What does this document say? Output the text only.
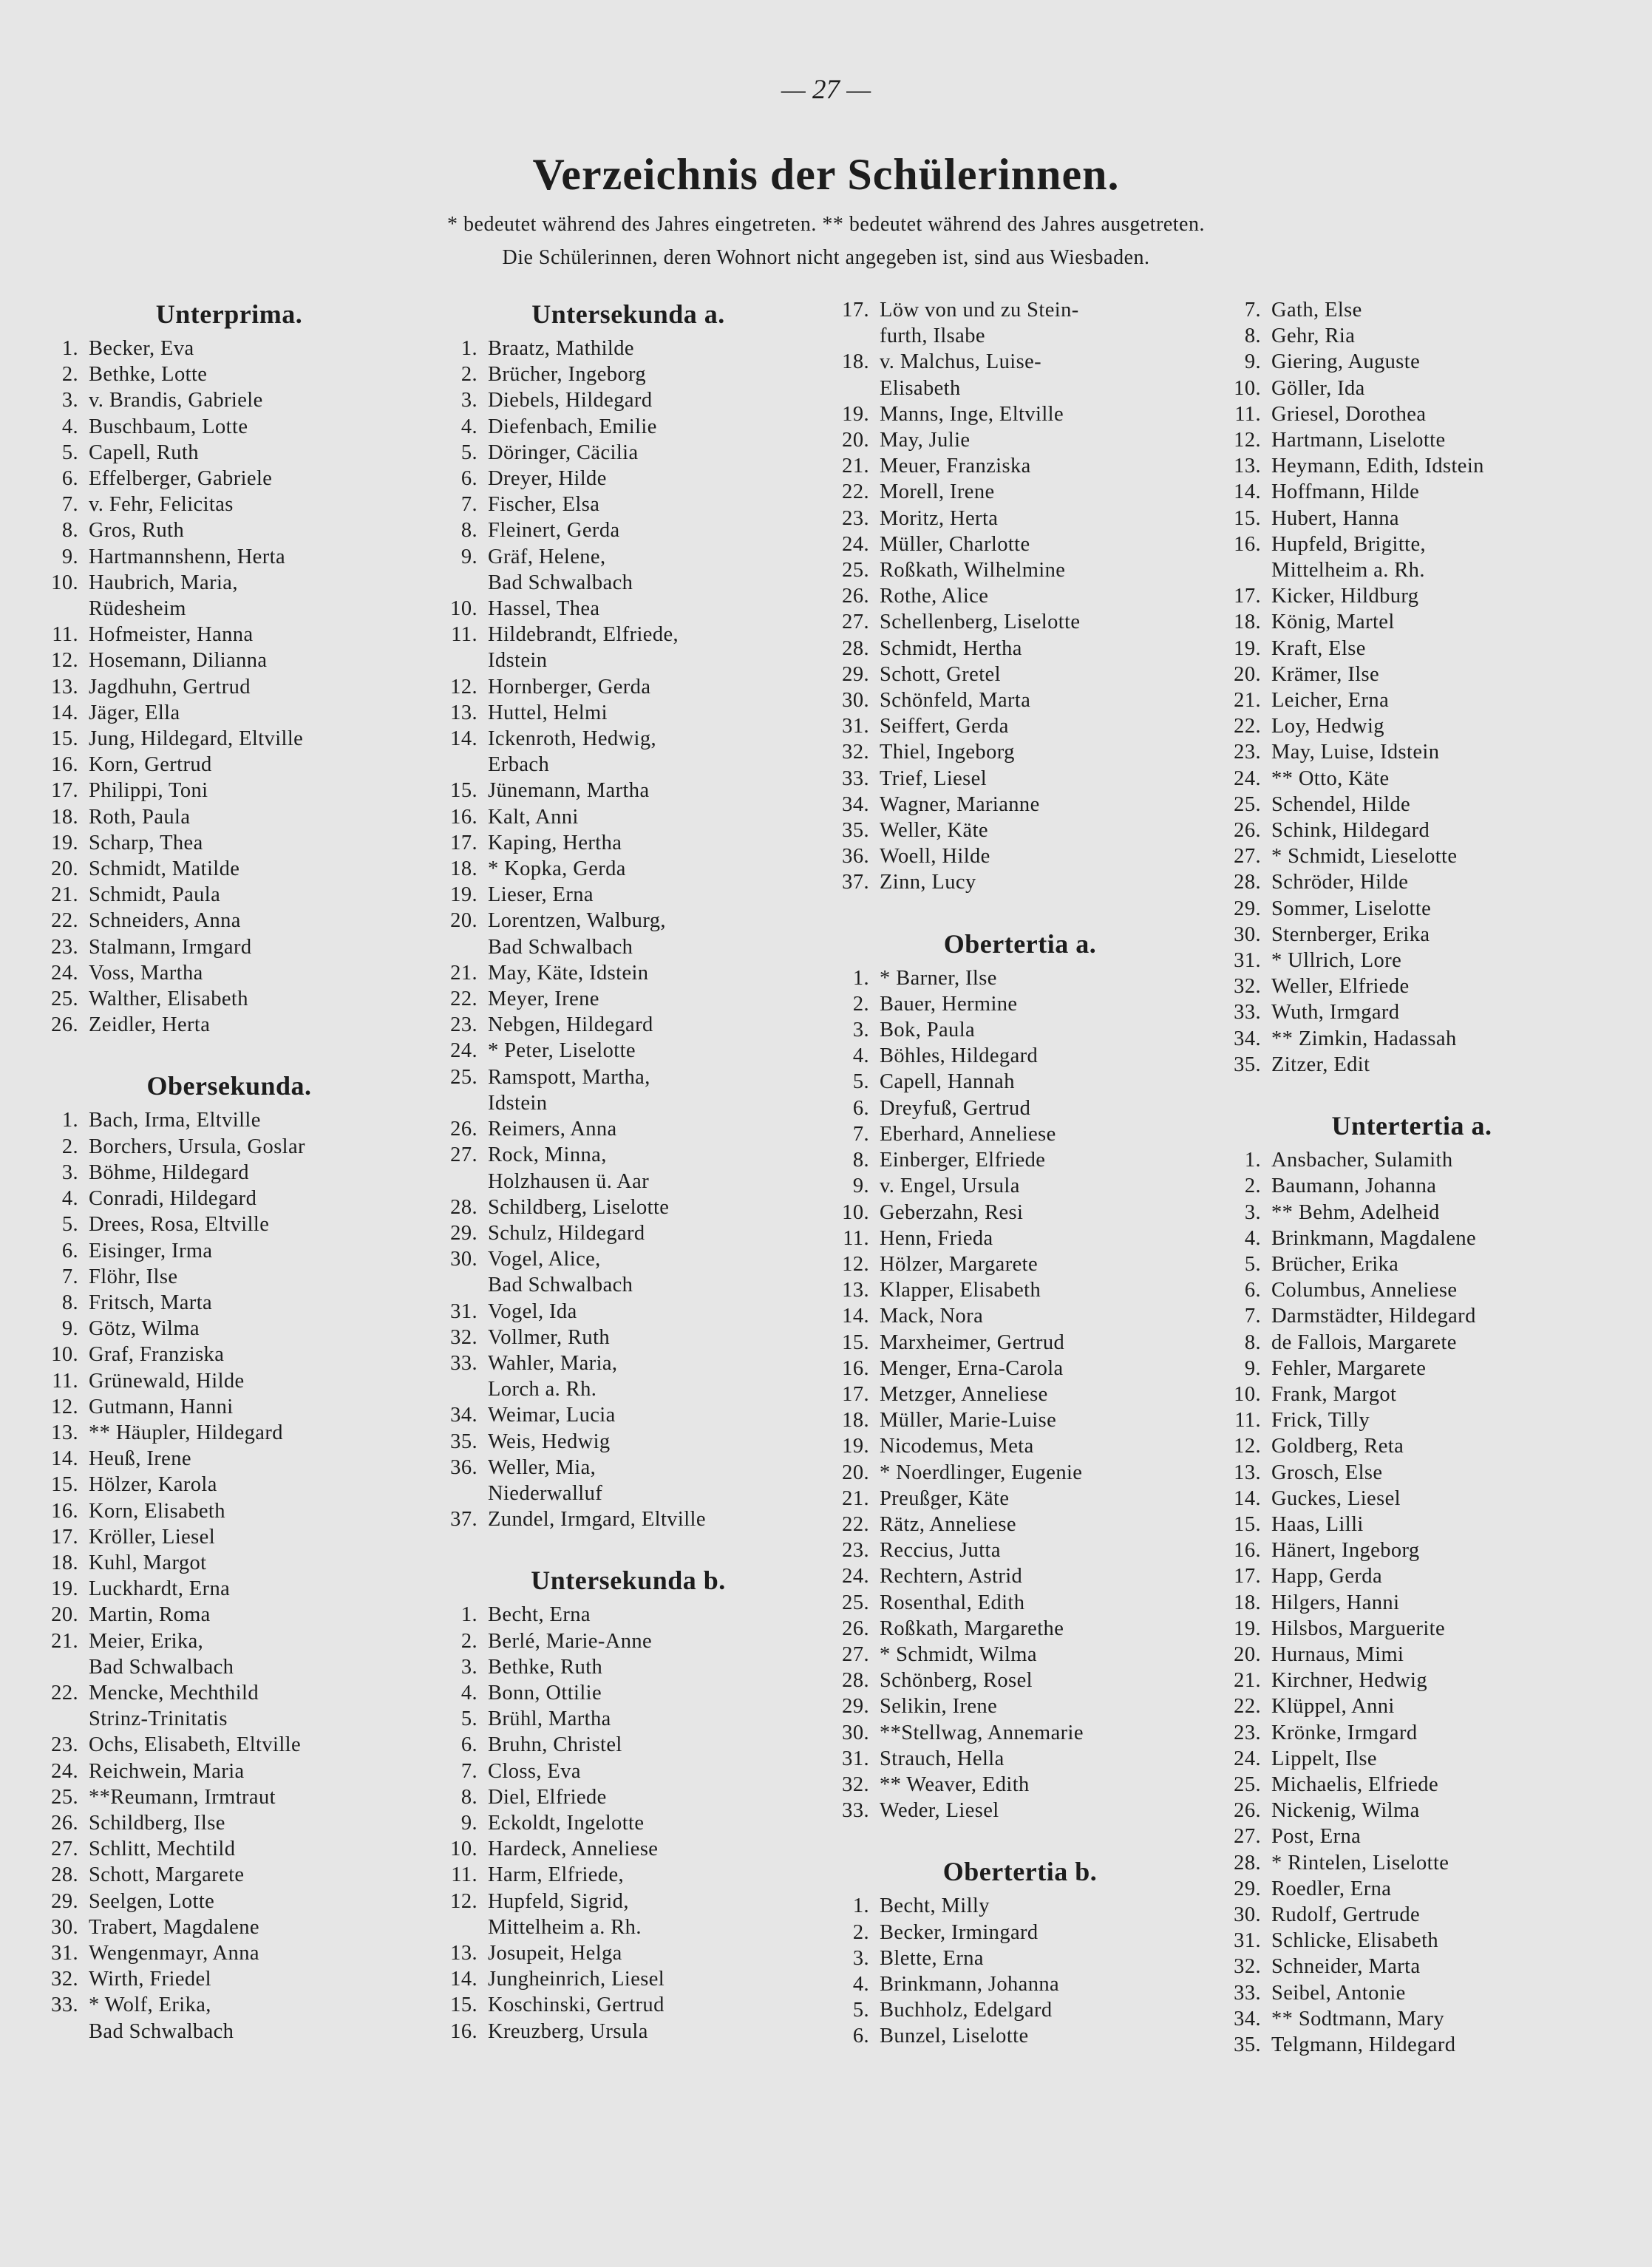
— 27 —
Verzeichnis der Schülerinnen.
* bedeutet während des Jahres eingetreten. ** bedeutet während des Jahres ausgetreten.
Die Schülerinnen, deren Wohnort nicht angegeben ist, sind aus Wiesbaden.
Unterprima.
1. Becker, Eva
2. Bethke, Lotte
3. v. Brandis, Gabriele
4. Buschbaum, Lotte
5. Capell, Ruth
6. Effelberger, Gabriele
7. v. Fehr, Felicitas
8. Gros, Ruth
9. Hartmannshenn, Herta
10. Haubrich, Maria,
Rüdesheim
11. Hofmeister, Hanna
12. Hosemann, Dilianna
13. Jagdhuhn, Gertrud
14. Jäger, Ella
15. Jung, Hildegard, Eltville
16. Korn, Gertrud
17. Philippi, Toni
18. Roth, Paula
19. Scharp, Thea
20. Schmidt, Matilde
21. Schmidt, Paula
22. Schneiders, Anna
23. Stalmann, Irmgard
24. Voss, Martha
25. Walther, Elisabeth
26. Zeidler, Herta
Obersekunda.
1. Bach, Irma, Eltville
2. Borchers, Ursula, Goslar
3. Böhme, Hildegard
4. Conradi, Hildegard
5. Drees, Rosa, Eltville
6. Eisinger, Irma
7. Flöhr, Ilse
8. Fritsch, Marta
9. Götz, Wilma
10. Graf, Franziska
11. Grünewald, Hilde
12. Gutmann, Hanni
13. ** Häupler, Hildegard
14. Heuß, Irene
15. Hölzer, Karola
16. Korn, Elisabeth
17. Kröller, Liesel
18. Kuhl, Margot
19. Luckhardt, Erna
20. Martin, Roma
21. Meier, Erika,
Bad Schwalbach
22. Mencke, Mechthild
Strinz-Trinitatis
23. Ochs, Elisabeth, Eltville
24. Reichwein, Maria
25. **Reumann, Irmtraut
26. Schildberg, Ilse
27. Schlitt, Mechtild
28. Schott, Margarete
29. Seelgen, Lotte
30. Trabert, Magdalene
31. Wengenmayr, Anna
32. Wirth, Friedel
33. * Wolf, Erika,
Bad Schwalbach
Untersekunda a.
1. Braatz, Mathilde
2. Brücher, Ingeborg
3. Diebels, Hildegard
4. Diefenbach, Emilie
5. Döringer, Cäcilia
6. Dreyer, Hilde
7. Fischer, Elsa
8. Fleinert, Gerda
9. Gräf, Helene,
Bad Schwalbach
10. Hassel, Thea
11. Hildebrandt, Elfriede,
Idstein
12. Hornberger, Gerda
13. Huttel, Helmi
14. Ickenroth, Hedwig,
Erbach
15. Jünemann, Martha
16. Kalt, Anni
17. Kaping, Hertha
18. * Kopka, Gerda
19. Lieser, Erna
20. Lorentzen, Walburg,
Bad Schwalbach
21. May, Käte, Idstein
22. Meyer, Irene
23. Nebgen, Hildegard
24. * Peter, Liselotte
25. Ramspott, Martha,
Idstein
26. Reimers, Anna
27. Rock, Minna,
Holzhausen ü. Aar
28. Schildberg, Liselotte
29. Schulz, Hildegard
30. Vogel, Alice,
Bad Schwalbach
31. Vogel, Ida
32. Vollmer, Ruth
33. Wahler, Maria,
Lorch a. Rh.
34. Weimar, Lucia
35. Weis, Hedwig
36. Weller, Mia,
Niederwalluf
37. Zundel, Irmgard, Eltville
Untersekunda b.
1. Becht, Erna
2. Berlé, Marie-Anne
3. Bethke, Ruth
4. Bonn, Ottilie
5. Brühl, Martha
6. Bruhn, Christel
7. Closs, Eva
8. Diel, Elfriede
9. Eckoldt, Ingelotte
10. Hardeck, Anneliese
11. Harm, Elfriede,
12. Hupfeld, Sigrid,
Mittelheim a. Rh.
13. Josupeit, Helga
14. Jungheinrich, Liesel
15. Koschinski, Gertrud
16. Kreuzberg, Ursula
17. Löw von und zu Stein-
furth, Ilsabe
18. v. Malchus, Luise-
Elisabeth
19. Manns, Inge, Eltville
20. May, Julie
21. Meuer, Franziska
22. Morell, Irene
23. Moritz, Herta
24. Müller, Charlotte
25. Roßkath, Wilhelmine
26. Rothe, Alice
27. Schellenberg, Liselotte
28. Schmidt, Hertha
29. Schott, Gretel
30. Schönfeld, Marta
31. Seiffert, Gerda
32. Thiel, Ingeborg
33. Trief, Liesel
34. Wagner, Marianne
35. Weller, Käte
36. Woell, Hilde
37. Zinn, Lucy
Obertertia a.
1. * Barner, Ilse
2. Bauer, Hermine
3. Bok, Paula
4. Böhles, Hildegard
5. Capell, Hannah
6. Dreyfuß, Gertrud
7. Eberhard, Anneliese
8. Einberger, Elfriede
9. v. Engel, Ursula
10. Geberzahn, Resi
11. Henn, Frieda
12. Hölzer, Margarete
13. Klapper, Elisabeth
14. Mack, Nora
15. Marxheimer, Gertrud
16. Menger, Erna-Carola
17. Metzger, Anneliese
18. Müller, Marie-Luise
19. Nicodemus, Meta
20. * Noerdlinger, Eugenie
21. Preußger, Käte
22. Rätz, Anneliese
23. Reccius, Jutta
24. Rechtern, Astrid
25. Rosenthal, Edith
26. Roßkath, Margarethe
27. * Schmidt, Wilma
28. Schönberg, Rosel
29. Selikin, Irene
30. **Stellwag, Annemarie
31. Strauch, Hella
32. ** Weaver, Edith
33. Weder, Liesel
Obertertia b.
1. Becht, Milly
2. Becker, Irmingard
3. Blette, Erna
4. Brinkmann, Johanna
5. Buchholz, Edelgard
6. Bunzel, Liselotte
7. Gath, Else
8. Gehr, Ria
9. Giering, Auguste
10. Göller, Ida
11. Griesel, Dorothea
12. Hartmann, Liselotte
13. Heymann, Edith, Idstein
14. Hoffmann, Hilde
15. Hubert, Hanna
16. Hupfeld, Brigitte,
Mittelheim a. Rh.
17. Kicker, Hildburg
18. König, Martel
19. Kraft, Else
20. Krämer, Ilse
21. Leicher, Erna
22. Loy, Hedwig
23. May, Luise, Idstein
24. ** Otto, Käte
25. Schendel, Hilde
26. Schink, Hildegard
27. * Schmidt, Lieselotte
28. Schröder, Hilde
29. Sommer, Liselotte
30. Sternberger, Erika
31. * Ullrich, Lore
32. Weller, Elfriede
33. Wuth, Irmgard
34. ** Zimkin, Hadassah
35. Zitzer, Edit
Untertertia a.
1. Ansbacher, Sulamith
2. Baumann, Johanna
3. ** Behm, Adelheid
4. Brinkmann, Magdalene
5. Brücher, Erika
6. Columbus, Anneliese
7. Darmstädter, Hildegard
8. de Fallois, Margarete
9. Fehler, Margarete
10. Frank, Margot
11. Frick, Tilly
12. Goldberg, Reta
13. Grosch, Else
14. Guckes, Liesel
15. Haas, Lilli
16. Hänert, Ingeborg
17. Happ, Gerda
18. Hilgers, Hanni
19. Hilsbos, Marguerite
20. Hurnaus, Mimi
21. Kirchner, Hedwig
22. Klüppel, Anni
23. Krönke, Irmgard
24. Lippelt, Ilse
25. Michaelis, Elfriede
26. Nickenig, Wilma
27. Post, Erna
28. * Rintelen, Liselotte
29. Roedler, Erna
30. Rudolf, Gertrude
31. Schlicke, Elisabeth
32. Schneider, Marta
33. Seibel, Antonie
34. ** Sodtmann, Mary
35. Telgmann, Hildegard
